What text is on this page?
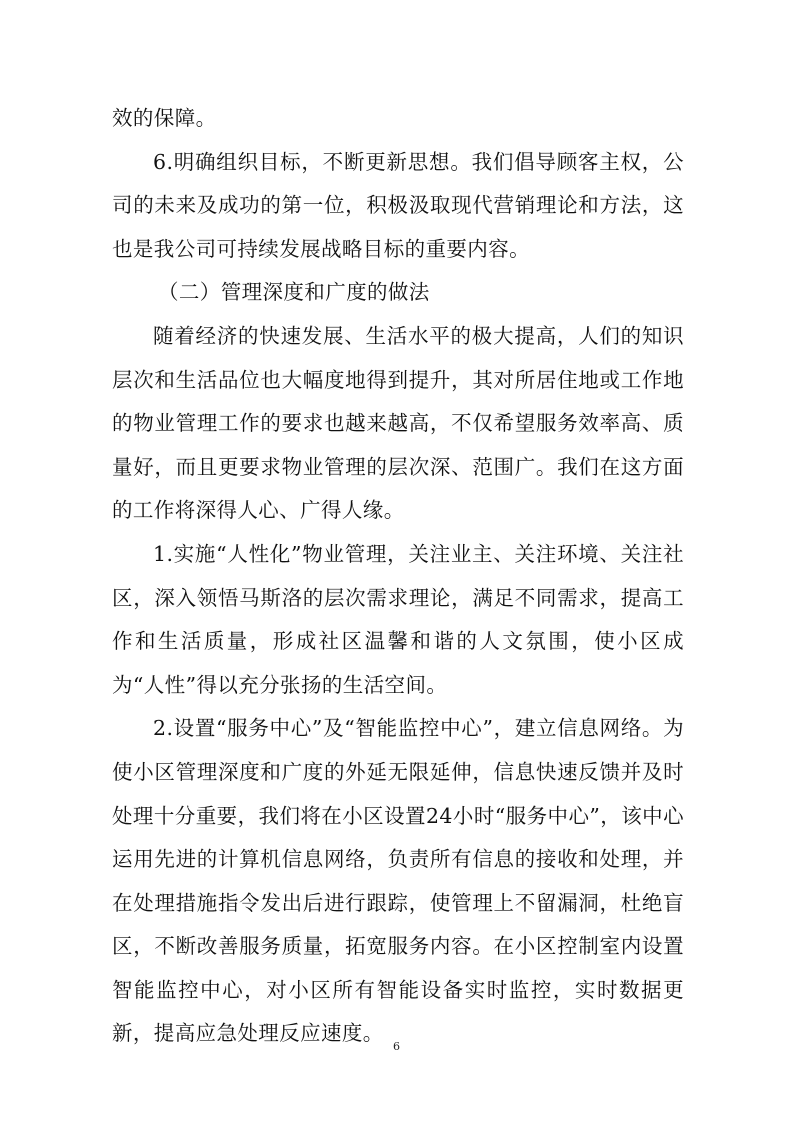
效的保障。

6.明确组织目标，不断更新思想。我们倡导顾客主权，公司的未来及成功的第一位，积极汲取现代营销理论和方法，这也是我公司可持续发展战略目标的重要内容。

（二）管理深度和广度的做法

随着经济的快速发展、生活水平的极大提高，人们的知识层次和生活品位也大幅度地得到提升，其对所居住地或工作地的物业管理工作的要求也越来越高，不仅希望服务效率高、质量好，而且更要求物业管理的层次深、范围广。我们在这方面的工作将深得人心、广得人缘。

1.实施“人性化”物业管理，关注业主、关注环境、关注社区，深入领悟马斯洛的层次需求理论，满足不同需求，提高工作和生活质量，形成社区温馨和谐的人文氛围，使小区成为“人性”得以充分张扬的生活空间。

2.设置“服务中心”及“智能监控中心”，建立信息网络。为使小区管理深度和广度的外延无限延伸，信息快速反馈并及时处理十分重要，我们将在小区设置24小时“服务中心”，该中心运用先进的计算机信息网络，负责所有信息的接收和处理，并在处理措施指令发出后进行跟踪，使管理上不留漏洞，杜绝盲区，不断改善服务质量，拓宽服务内容。在小区控制室内设置智能监控中心，对小区所有智能设备实时监控，实时数据更新，提高应急处理反应速度。

6
